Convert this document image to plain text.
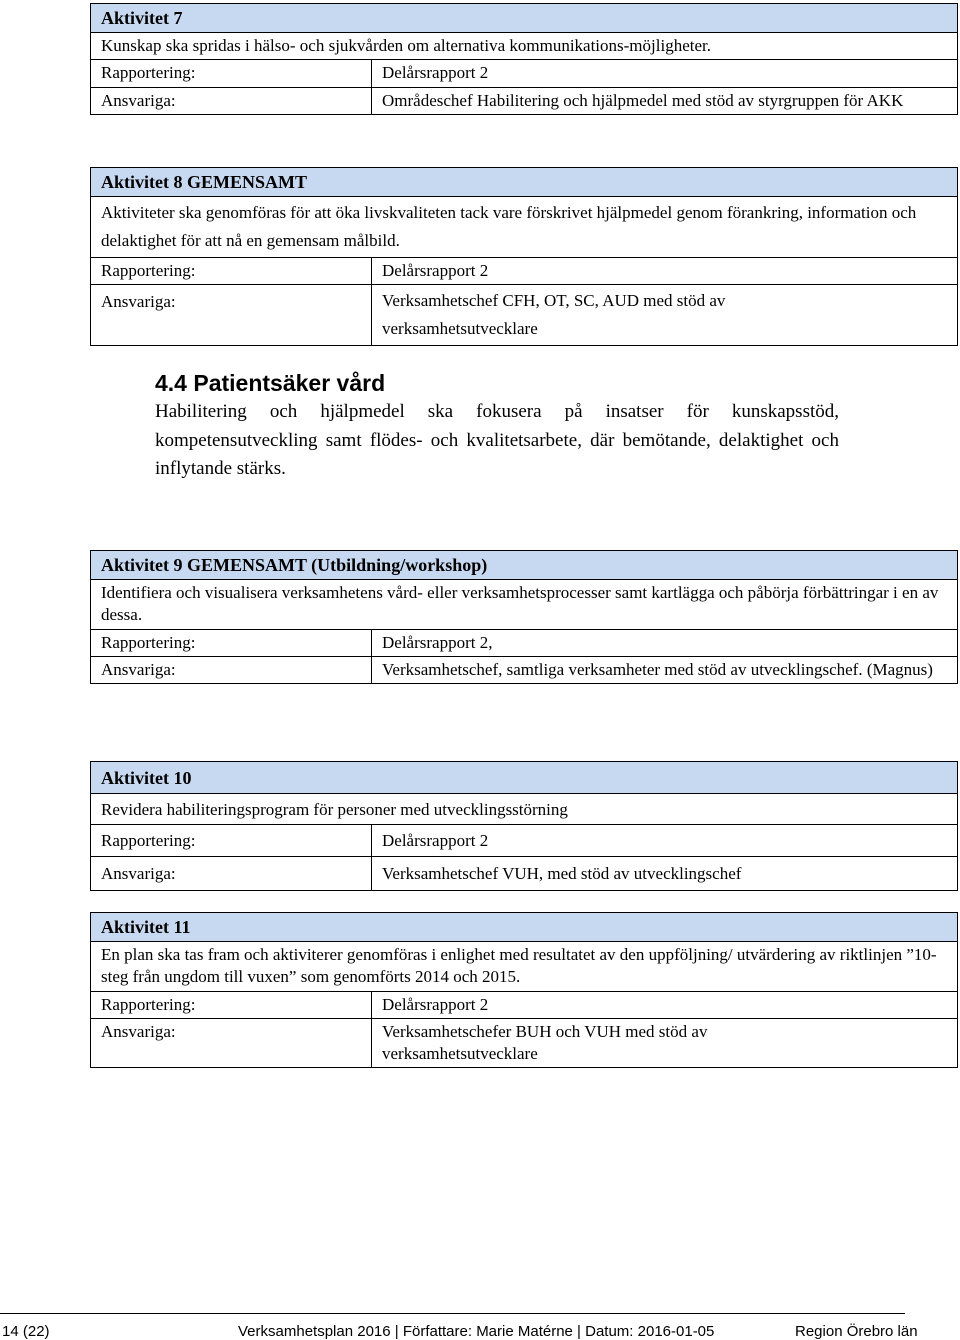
Aktivitet 7	
Kunskap ska spridas i hälso- och sjukvården om alternativa kommunikations-möjligheter.	
Rapportering:	Delårsrapport 2
Ansvariga:	Områdeschef Habilitering och hjälpmedel med stöd av styrgruppen för AKK
Aktivitet 8 GEMENSAMT	
Aktiviteter ska genomföras för att öka livskvaliteten tack vare förskrivet hjälpmedel genom förankring, information och delaktighet för att nå en gemensam målbild.	
Rapportering:	Delårsrapport 2
Ansvariga:	Verksamhetschef CFH, OT, SC, AUD med stöd av verksamhetsutvecklare
4.4 Patientsäker vård
Habilitering och hjälpmedel ska fokusera på insatser för kunskapsstöd, kompetensutveckling samt flödes- och kvalitetsarbete, där bemötande, delaktighet och inflytande stärks.
Aktivitet 9 GEMENSAMT (Utbildning/workshop)	
Identifiera och visualisera verksamhetens vård- eller verksamhetsprocesser samt kartlägga och påbörja förbättringar i en av dessa.	
Rapportering:	Delårsrapport 2,
Ansvariga:	Verksamhetschef, samtliga verksamheter med stöd av utvecklingschef. (Magnus)
Aktivitet 10	
Revidera habiliteringsprogram för personer med utvecklingsstörning	
Rapportering:	Delårsrapport 2
Ansvariga:	Verksamhetschef VUH, med stöd av utvecklingschef
Aktivitet 11	
En plan ska tas fram och aktiviterer genomföras i enlighet med resultatet av den uppföljning/ utvärdering av riktlinjen ”10-steg från ungdom till vuxen” som genomförts 2014 och 2015.	
Rapportering:	Delårsrapport 2
Ansvariga:	Verksamhetschefer BUH och VUH med stöd av verksamhetsutvecklare
14 (22)	Verksamhetsplan 2016 | Författare: Marie Matérne | Datum: 2016-01-05	Region Örebro län
